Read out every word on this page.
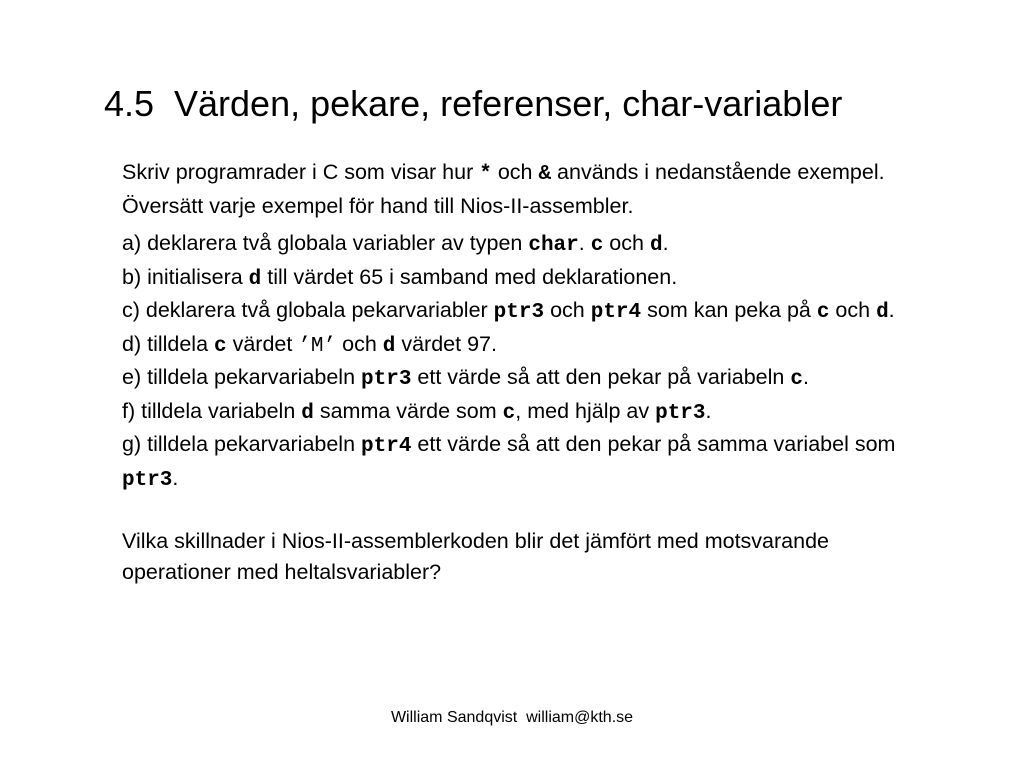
4.5 Värden, pekare, referenser, char-variabler

Skriv programrader i C som visar hur * och & används i nedanstående exempel. Översätt varje exempel för hand till Nios-II-assembler.

a) deklarera två globala variabler av typen char. c och d.
b) initialisera d till värdet 65 i samband med deklarationen.
c) deklarera två globala pekarvariabler ptr3 och ptr4 som kan peka på c och d.
d) tilldela c värdet ’M’ och d värdet 97.
e) tilldela pekarvariabeln ptr3 ett värde så att den pekar på variabeln c.
f) tilldela variabeln d samma värde som c, med hjälp av ptr3.
g) tilldela pekarvariabeln ptr4 ett värde så att den pekar på samma variabel som ptr3.

Vilka skillnader i Nios-II-assemblerkoden blir det jämfört med motsvarande operationer med heltalsvariabler?

William Sandqvist william@kth.se
